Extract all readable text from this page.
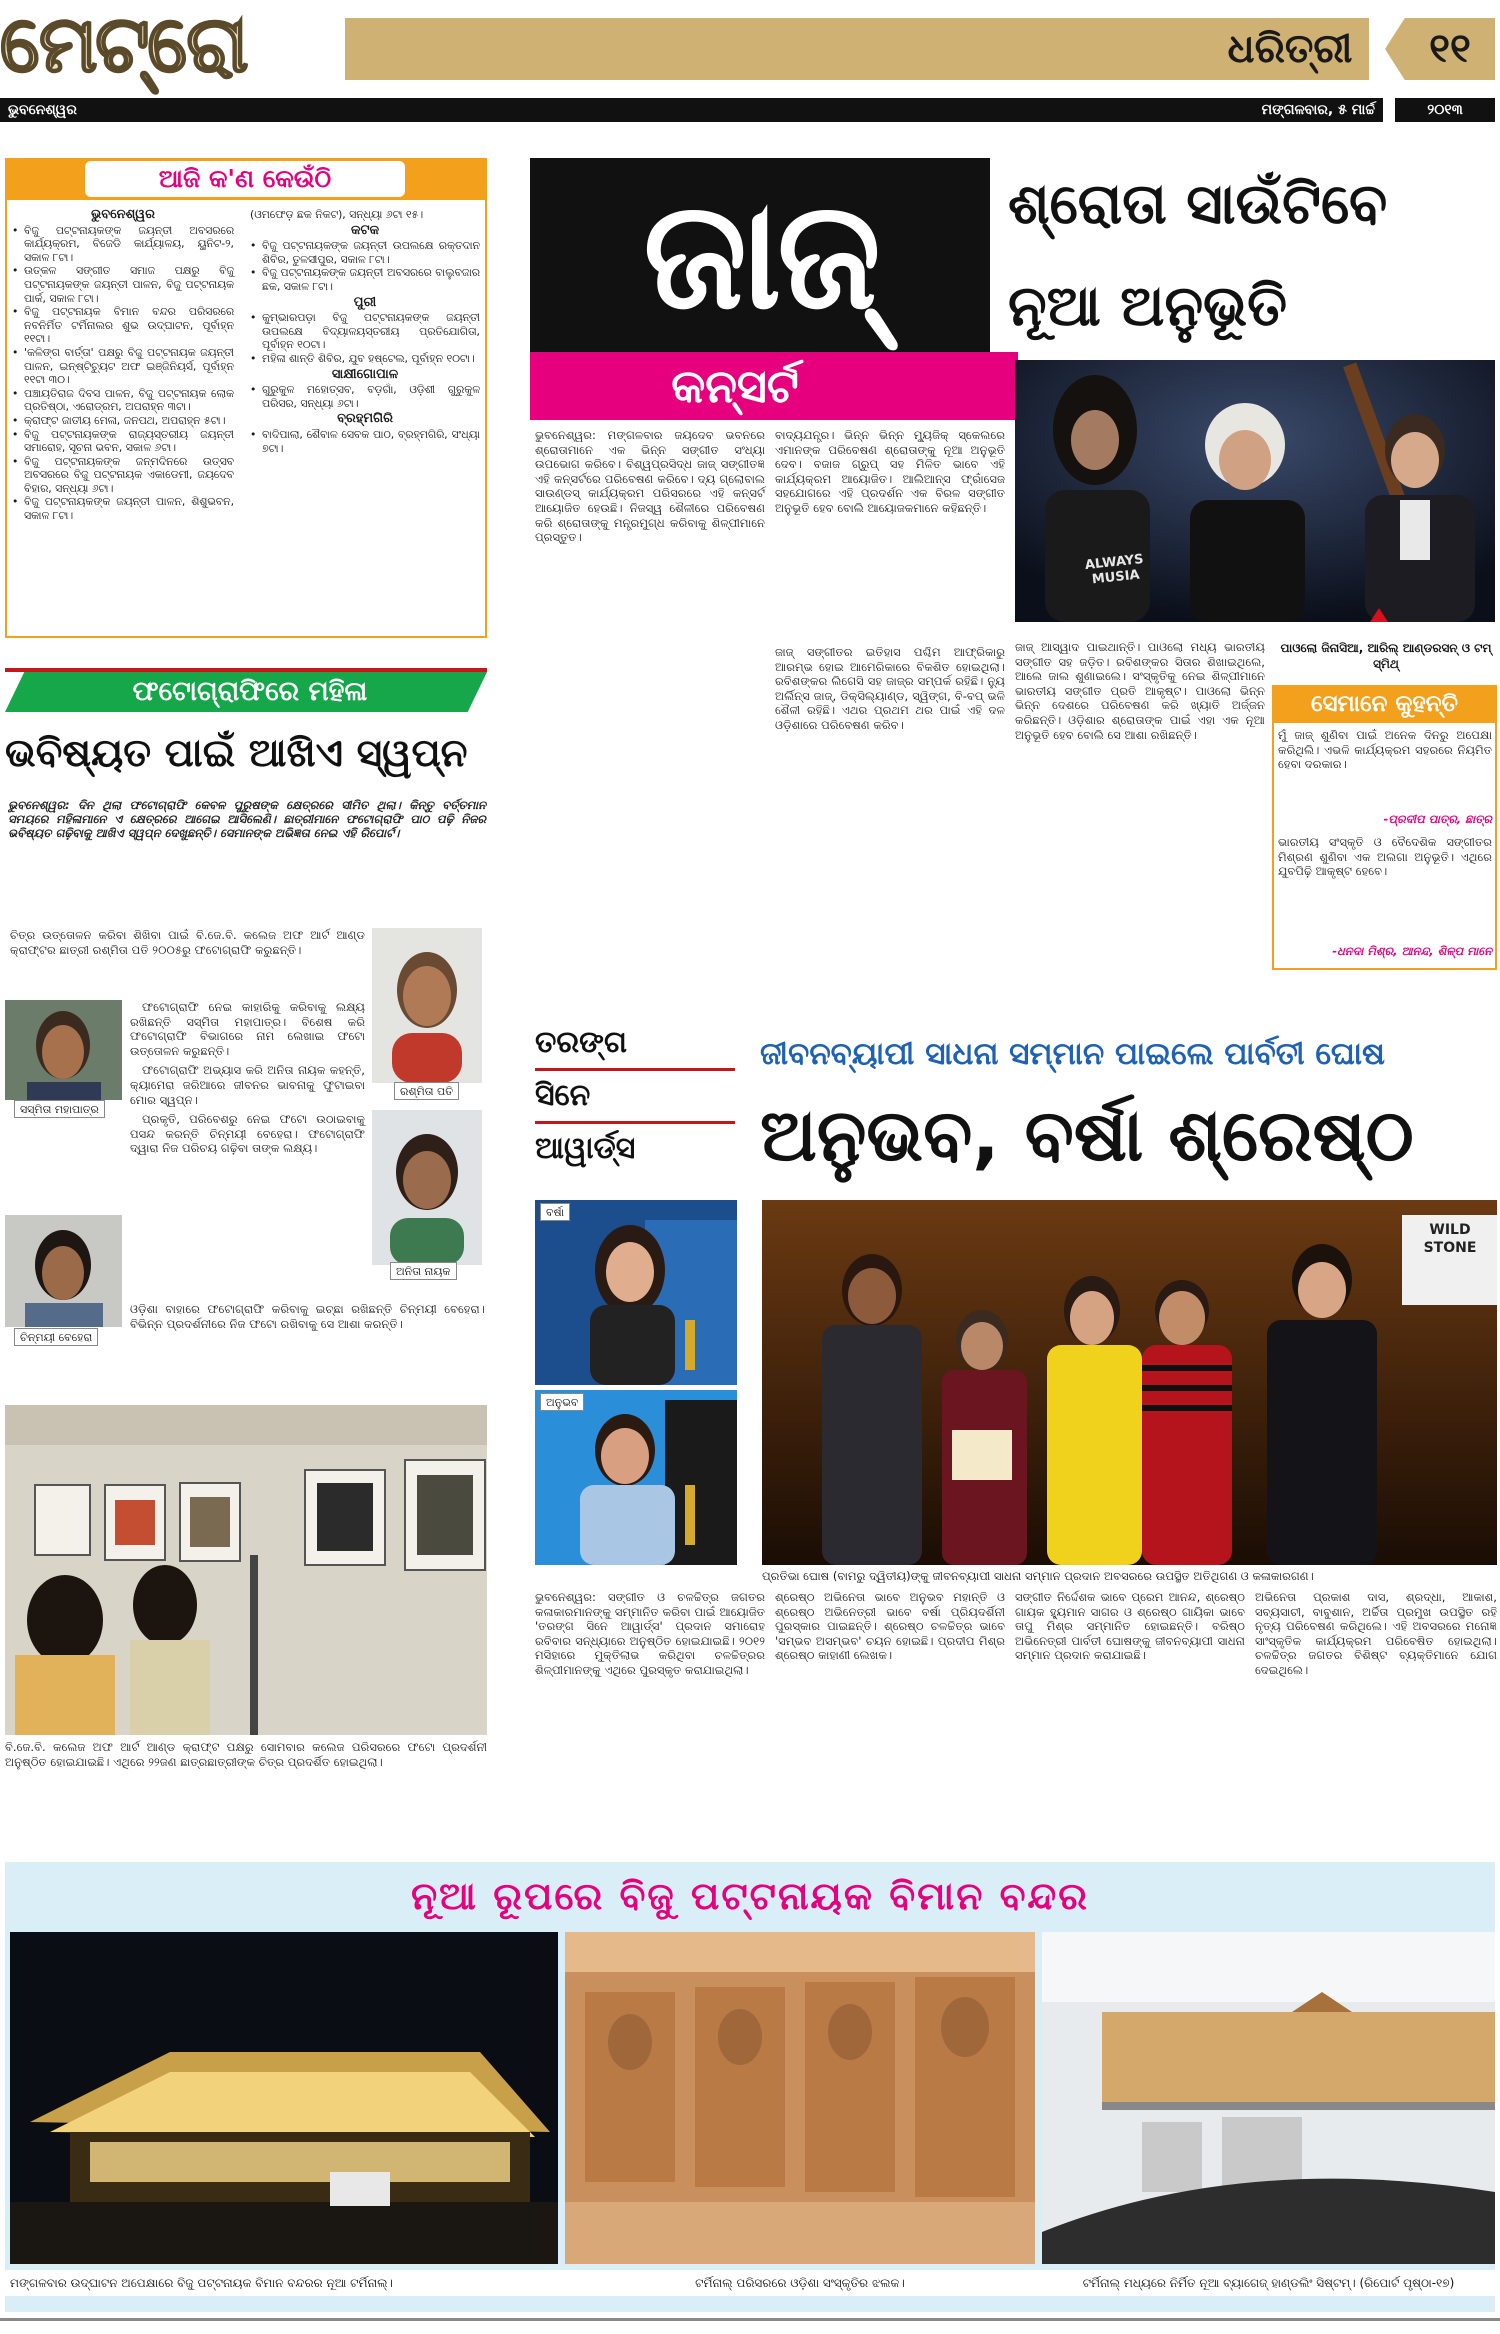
ମେଟ୍ରୋ	ଧରିତ୍ରୀ	୧୧
ଭୁବନେଶ୍ୱର	ମଙ୍ଗଳବାର, ୫ ମାର୍ଚ୍ଚ	୨୦୧୩
ଆଜି କ'ଣ କେଉଁଠି
ଭୁବନେଶ୍ୱର
• ବିଜୁ ପଟ୍ଟନାୟକଙ୍କ ଜୟନ୍ତୀ ଅବସରରେ କାର୍ଯ୍ୟକ୍ରମ, ବିଜେଡି କାର୍ଯ୍ୟାଳୟ, ୟୁନିଟ-୨, ସକାଳ ୮ଟା।
• ଉତ୍କଳ ସଙ୍ଗୀତ ସମାଜ ପକ୍ଷରୁ ବିଜୁ ପଟ୍ଟନାୟକଙ୍କ ଜୟନ୍ତୀ ପାଳନ, ବିଜୁ ପଟ୍ଟନାୟକ ପାର୍କ, ସକାଳ ୮ଟା।
• ବିଜୁ ପଟ୍ଟନାୟକ ବିମାନ ବନ୍ଦର ପରିସରରେ ନବନିର୍ମିତ ଟର୍ମିନାଲର ଶୁଭ ଉଦ୍‌ଘାଟନ, ପୂର୍ବାହ୍ନ ୧୧ଟା।
• 'କଳିଙ୍ଗ ବାର୍ତ୍ତା' ପକ୍ଷରୁ ବିଜୁ ପଟ୍ଟନାୟକ ଜୟନ୍ତୀ ପାଳନ, ଇନ୍‌ଷ୍ଟିଚ୍ୟୁଟ ଅଫ ଇଞ୍ଜିନିୟର୍ସ, ପୂର୍ବାହ୍ନ ୧୧ଟା ୩୦।
• ପଞ୍ଚାୟତିରାଜ ଦିବସ ପାଳନ, ବିଜୁ ପଟ୍ଟନାୟକ ଲୋକ ପ୍ରତିଷ୍ଠା, ଏରୋଡ୍ରମ, ଅପରାହ୍ନ ୩ଟା।
• କ୍ରାଫ୍ଟ ଜାତୀୟ ମେଳା, ଜନପଥ, ଅପରାହ୍ନ ୫ଟା।
• ବିଜୁ ପଟ୍ଟନାୟକଙ୍କ ରାଜ୍ୟସ୍ତରୀୟ ଜୟନ୍ତୀ ସମାରୋହ, ସୂଚନା ଭବନ, ସକାଳ ୬ଟା।
• ବିଜୁ ପଟ୍ଟନାୟକଙ୍କ ଜନ୍ମଦିନରେ ଉତ୍ସବ ଅବସରରେ ବିଜୁ ପଟ୍ଟନାୟକ ଏକାଡେମୀ, ଜୟଦେବ ବିହାର, ସନ୍ଧ୍ୟା ୬ଟା।
• ବିଜୁ ପଟ୍ଟନାୟକଙ୍କ ଜୟନ୍ତୀ ପାଳନ, ଶିଶୁଭବନ, ସକାଳ ୮ଟା।
(ଓମଫେଡ଼ ଛକ ନିକଟ), ସନ୍ଧ୍ୟା ୬ଟା ୧୫।
କଟକ
• ବିଜୁ ପଟ୍ଟନାୟକଙ୍କ ଜୟନ୍ତୀ ଉପଲକ୍ଷେ ରକ୍ତଦାନ ଶିବିର, ତୁଳସୀପୁର, ସକାଳ ୮ଟା।
• ବିଜୁ ପଟ୍ଟନାୟକଙ୍କ ଜୟନ୍ତୀ ଅବସରରେ ବାଲୁବଜାର ଛକ, ସକାଳ ୮ଟା।
ପୁରୀ
• କୁମ୍ଭାରପଡ଼ା ବିଜୁ ପଟ୍ଟନାୟକଙ୍କ ଜୟନ୍ତୀ ଉପଲକ୍ଷେ ବିଦ୍ୟାଳୟସ୍ତରୀୟ ପ୍ରତିଯୋଗିତା, ପୂର୍ବାହ୍ନ ୧୦ଟା।
• ମହିଳା ଶାନ୍ତି ଶିବିର, ଯୁବ ହଷ୍ଟେଲ, ପୂର୍ବାହ୍ନ ୧୦ଟା।
ସାକ୍ଷୀଗୋପାଳ
• ଗୁରୁକୁଳ ମହୋତ୍ସବ, ବଡ଼ଗାଁ, ଓଡ଼ିଶୀ ଗୁରୁକୁଳ ପରିସର, ସନ୍ଧ୍ୟା ୬ଟା।
ବ୍ରହ୍ମଗିରି
• ବାଦିପାଲା, ଶୈବାଳ ସେବକ ପାଠ, ବ୍ରହ୍ମଗିରି, ସଂଧ୍ୟା ୭ଟା।
ଫଟୋଗ୍ରାଫିରେ ମହିଳା
ଭବିଷ୍ୟତ ପାଇଁ ଆଖିଏ ସ୍ୱପ୍ନ
ଭୁବନେଶ୍ୱର: ଦିନ ଥିଲା ଫଟୋଗ୍ରାଫି କେବଳ ପୁରୁଷଙ୍କ କ୍ଷେତ୍ରରେ ସୀମିତ ଥିଲା। କିନ୍ତୁ ବର୍ତ୍ତମାନ ସମୟରେ ମହିଳାମାନେ ଏ କ୍ଷେତ୍ରରେ ଆଗେଇ ଆସିଲେଣି। ଛାତ୍ରୀମାନେ ଫଟୋଗ୍ରାଫି ପାଠ ପଢ଼ି ନିଜର ଭବିଷ୍ୟତ ଗଢ଼ିବାକୁ ଆଖିଏ ସ୍ୱପ୍ନ ଦେଖୁଛନ୍ତି। ସେମାନଙ୍କ ଅଭିଜ୍ଞତା ନେଇ ଏହି ରିପୋର୍ଟ।
ରଶ୍ମିତା ପତି
ସସ୍ମିତା ମହାପାତ୍ର
ଅନିତା ନାୟକ
ଚିନ୍ମୟୀ ବେହେରା

ଚିତ୍ର ଉତ୍ତୋଳନ କରିବା ଶିଖିବା ପାଇଁ ବି.ଜେ.ବି. କଲେଜ ଅଫ ଆର୍ଟ ଆଣ୍ଡ କ୍ରାଫ୍ଟର ଛାତ୍ରୀ ରଶ୍ମିତା ପତି ୨୦୦୫ରୁ ଫଟୋଗ୍ରାଫି କରୁଛନ୍ତି।

ଫଟୋଗ୍ରାଫି ନେଇ କାହାରିକୁ କରିବାକୁ ଲକ୍ଷ୍ୟ ରଖିଛନ୍ତି ସସ୍ମିତା ମହାପାତ୍ର। ବିଶେଷ କରି ଫଟୋଗ୍ରାଫି ବିଭାଗରେ ନାମ ଲେଖାଇ ଫଟୋ ଉତ୍ତୋଳନ କରୁଛନ୍ତି।

ଫଟୋଗ୍ରାଫି ଅଭ୍ୟାସ କରି ଅନିତା ନାୟକ କହନ୍ତି, କ୍ୟାମେରା ଜରିଆରେ ଜୀବନର ଭାବନାକୁ ଫୁଟାଇବା ମୋର ସ୍ୱପ୍ନ।

ପ୍ରକୃତି, ପରିବେଶରୁ ନେଇ ଫଟୋ ଉଠାଇବାକୁ ପସନ୍ଦ କରନ୍ତି ଚିନ୍ମୟୀ ବେହେରା। ଫଟୋଗ୍ରାଫି ଦ୍ୱାରା ନିଜ ପରିଚୟ ଗଢ଼ିବା ତାଙ୍କ ଲକ୍ଷ୍ୟ।

ଓଡ଼ିଶା ବାହାରେ ଫଟୋଗ୍ରାଫି କରିବାକୁ ଇଚ୍ଛା ରଖିଛନ୍ତି ଚିନ୍ମୟୀ ବେହେରା। ବିଭିନ୍ନ ପ୍ରଦର୍ଶନୀରେ ନିଜ ଫଟୋ ରଖିବାକୁ ସେ ଆଶା କରନ୍ତି।

ବି.ଜେ.ବି. କଲେଜ ଅଫ ଆର୍ଟ ଆଣ୍ଡ କ୍ରାଫ୍ଟ ପକ୍ଷରୁ ସୋମବାର କଲେଜ ପରିସରରେ ଫଟୋ ପ୍ରଦର୍ଶନୀ ଅନୁଷ୍ଠିତ ହୋଇଯାଇଛି। ଏଥିରେ ୨୨ଜଣ ଛାତ୍ରଛାତ୍ରୀଙ୍କ ଚିତ୍ର ପ୍ରଦର୍ଶିତ ହୋଇଥିଲା।
ଜାଜ୍	ଶ୍ରୋତା ସାଉଁଟିବେ
ନୂଆ ଅନୁଭୂତି
କନ୍‌ସର୍ଟ
ALWAYS MUSIA
ପାଓଲୋ ଜିନାସିଆ, ଆରିଲ୍ ଆଣ୍ଡରସନ୍ ଓ ଟମ୍ ସ୍ମିଥ୍
ଭୁବନେଶ୍ୱର: ମଙ୍ଗଳବାର ଜୟଦେବ ଭବନରେ ଶ୍ରୋତାମାନେ ଏକ ଭିନ୍ନ ସଙ୍ଗୀତ ସଂଧ୍ୟା ଉପଭୋଗ କରିବେ। ବିଶ୍ୱପ୍ରସିଦ୍ଧ ଜାଜ୍ ସଙ୍ଗୀତଜ୍ଞ ଏହି କନ୍‌ସର୍ଟରେ ପରିବେଷଣ କରିବେ। ଦ୍ୟ ଗ୍ଲୋବାଲ ସାଉଣ୍ଡସ୍ କାର୍ଯ୍ୟକ୍ରମ ପରିସରରେ ଏହି କନ୍‌ସର୍ଟ ଆୟୋଜିତ ହେଉଛି। ନିଜସ୍ୱ ଶୈଳୀରେ ପରିବେଷଣ କରି ଶ୍ରୋତାଙ୍କୁ ମନ୍ତ୍ରମୁଗ୍ଧ କରିବାକୁ ଶିଳ୍ପୀମାନେ ପ୍ରସ୍ତୁତ।
ବାଦ୍ୟଯନ୍ତ୍ର। ଭିନ୍ନ ଭିନ୍ନ ମ୍ୟୁଜିକ୍ ସ୍କେଲରେ ଏମାନଙ୍କ ପରିବେଷଣ ଶ୍ରୋତାଙ୍କୁ ନୂଆ ଅନୁଭୂତି ଦେବ। ବଜାଜ ଗ୍ରୁପ୍ ସହ ମିଳିତ ଭାବେ ଏହି କାର୍ଯ୍ୟକ୍ରମ ଆୟୋଜିତ। ଆଲିଆନ୍ସ ଫ୍ରାଁସେଜ ସହଯୋଗରେ ଏହି ପ୍ରଦର୍ଶନ ଏକ ବିରଳ ସଙ୍ଗୀତ ଅନୁଭୂତି ହେବ ବୋଲି ଆୟୋଜକମାନେ କହିଛନ୍ତି।
ଜାଜ୍ ସଙ୍ଗୀତର ଇତିହାସ ପଶ୍ଚିମ ଆଫ୍ରିକାରୁ ଆରମ୍ଭ ହୋଇ ଆମେରିକାରେ ବିକଶିତ ହୋଇଥିଲା। ରବିଶଙ୍କର ଲିଗେସି ସହ ଜାଜ୍‌ର ସମ୍ପର୍କ ରହିଛି। ନ୍ୟୁ ଅର୍ଲିନ୍ସ ଜାଜ୍, ଡିକ୍ସିଲ୍ୟାଣ୍ଡ, ସ୍ୱିଙ୍ଗ, ବି-ବପ୍ ଭଳି ଶୈଳୀ ରହିଛି। ଏଥର ପ୍ରଥମ ଥର ପାଇଁ ଏହି ଦଳ ଓଡ଼ିଶାରେ ପରିବେଷଣ କରିବ।
ଜାଜ୍ ଆସ୍ୱାଦ ପାଇଥାନ୍ତି। ପାଓଲୋ ମଧ୍ୟ ଭାରତୀୟ ସଙ୍ଗୀତ ସହ ଜଡ଼ିତ। ରବିଶଙ୍କର ସିତାର ଶିଖାଇଥିଲେ, ଆଲେ ଜାଲ ଶୁଣାଇଲେ। ସଂସ୍କୃତିକୁ ନେଇ ଶିଳ୍ପୀମାନେ ଭାରତୀୟ ସଙ୍ଗୀତ ପ୍ରତି ଆକୃଷ୍ଟ। ପାଓଲୋ ଭିନ୍ନ ଭିନ୍ନ ଦେଶରେ ପରିବେଷଣ କରି ଖ୍ୟାତି ଅର୍ଜ୍ଜନ କରିଛନ୍ତି। ଓଡ଼ିଶାର ଶ୍ରୋତାଙ୍କ ପାଇଁ ଏହା ଏକ ନୂଆ ଅନୁଭୂତି ହେବ ବୋଲି ସେ ଆଶା ରଖିଛନ୍ତି।
ସେମାନେ କୁହନ୍ତି
ମୁଁ ଜାଜ୍ ଶୁଣିବା ପାଇଁ ଅନେକ ଦିନରୁ ଅପେକ୍ଷା କରିଥିଲି। ଏଭଳି କାର୍ଯ୍ୟକ୍ରମ ସହରରେ ନିୟମିତ ହେବା ଦରକାର।
-ପ୍ରଦୀପ ପାତ୍ର, ଛାତ୍ର
ଭାରତୀୟ ସଂସ୍କୃତି ଓ ବୈଦେଶିକ ସଙ୍ଗୀତର ମିଶ୍ରଣ ଶୁଣିବା ଏକ ଅଲଗା ଅନୁଭୂତି। ଏଥିରେ ଯୁବପିଢ଼ି ଆକୃଷ୍ଟ ହେବେ।
-ଧନଦା ମିଶ୍ର, ଆନନ୍ଦ, ଶିଳ୍ପ ମାନେ
ତରଙ୍ଗ
ସିନେ
ଆୱାର୍ଡ୍‌ସ
ଜୀବନବ୍ୟାପୀ ସାଧନା ସମ୍ମାନ ପାଇଲେ ପାର୍ବତୀ ଘୋଷ
ଅନୁଭବ, ବର୍ଷା ଶ୍ରେଷ୍ଠ
ବର୍ଷା
ଅନୁଭବ
WILD
STONE
ପ୍ରତିଭା ଘୋଷ (ବାମରୁ ଦ୍ୱିତୀୟ)ଙ୍କୁ ଜୀବନବ୍ୟାପୀ ସାଧନା ସମ୍ମାନ ପ୍ରଦାନ ଅବସରରେ ଉପସ୍ଥିତ ଅତିଥିଗଣ ଓ କଳାକାରଗଣ।
ଭୁବନେଶ୍ୱର: ସଙ୍ଗୀତ ଓ ଚଳଚ୍ଚିତ୍ର ଜଗତର କଳାକାରମାନଙ୍କୁ ସମ୍ମାନିତ କରିବା ପାଇଁ ଆୟୋଜିତ 'ତରଙ୍ଗ ସିନେ ଆୱାର୍ଡ୍‌ସ' ପ୍ରଦାନ ସମାରୋହ ରବିବାର ସନ୍ଧ୍ୟାରେ ଅନୁଷ୍ଠିତ ହୋଇଯାଇଛି। ୨୦୧୨ ମସିହାରେ ମୁକ୍ତିଲାଭ କରିଥିବା ଚଳଚ୍ଚିତ୍ରର ଶିଳ୍ପୀମାନଙ୍କୁ ଏଥିରେ ପୁରସ୍କୃତ କରାଯାଇଥିଲା।
ଶ୍ରେଷ୍ଠ ଅଭିନେତା ଭାବେ ଅନୁଭବ ମହାନ୍ତି ଓ ଶ୍ରେଷ୍ଠ ଅଭିନେତ୍ରୀ ଭାବେ ବର୍ଷା ପ୍ରିୟଦର୍ଶିନୀ ପୁରସ୍କାର ପାଇଛନ୍ତି। ଶ୍ରେଷ୍ଠ ଚଳଚ୍ଚିତ୍ର ଭାବେ 'ସମ୍ଭବ ଅସମ୍ଭବ' ଚୟନ ହୋଇଛି। ପ୍ରଦୀପ ମିଶ୍ର ଶ୍ରେଷ୍ଠ କାହାଣୀ ଲେଖକ।
ସଙ୍ଗୀତ ନିର୍ଦ୍ଦେଶକ ଭାବେ ପ୍ରେମ ଆନନ୍ଦ, ଶ୍ରେଷ୍ଠ ଗାୟକ ହ୍ୟୁମାନ ସାଗର ଓ ଶ୍ରେଷ୍ଠ ଗାୟିକା ଭାବେ ତାପୁ ମିଶ୍ର ସମ୍ମାନିତ ହୋଇଛନ୍ତି। ବରିଷ୍ଠ ଅଭିନେତ୍ରୀ ପାର୍ବତୀ ଘୋଷଙ୍କୁ ଜୀବନବ୍ୟାପୀ ସାଧନା ସମ୍ମାନ ପ୍ରଦାନ କରାଯାଇଛି।
ଅଭିନେତା ପ୍ରକାଶ ଦାସ, ଶ୍ରଦ୍ଧା, ଆକାଶ, ସବ୍ୟସାଚୀ, ବାବୁଶାନ, ଅର୍ଚ୍ଚିତା ପ୍ରମୁଖ ଉପସ୍ଥିତ ରହି ନୃତ୍ୟ ପରିବେଷଣ କରିଥିଲେ। ଏହି ଅବସରରେ ମନୋଜ୍ଞ ସାଂସ୍କୃତିକ କାର୍ଯ୍ୟକ୍ରମ ପରିବେଷିତ ହୋଇଥିଲା। ଚଳଚ୍ଚିତ୍ର ଜଗତର ବିଶିଷ୍ଟ ବ୍ୟକ୍ତିମାନେ ଯୋଗ ଦେଇଥିଲେ।
ନୂଆ ରୂପରେ ବିଜୁ ପଟ୍ଟନାୟକ ବିମାନ ବନ୍ଦର
ମଙ୍ଗଳବାର ଉଦ୍‌ଘାଟନ ଅପେକ୍ଷାରେ ବିଜୁ ପଟ୍ଟନାୟକ ବିମାନ ବନ୍ଦରର ନୂଆ ଟର୍ମିନାଲ୍।	ଟର୍ମିନାଲ୍ ପରିସରରେ ଓଡ଼ିଶା ସଂସ୍କୃତିର ଝଲକ।	ଟର୍ମିନାଲ୍ ମଧ୍ୟରେ ନିର୍ମିତ ନୂଆ ବ୍ୟାଗେଜ୍ ହାଣ୍ଡଲିଂ ସିଷ୍ଟମ୍। (ରିପୋର୍ଟ ପୃଷ୍ଠା-୧୭)
